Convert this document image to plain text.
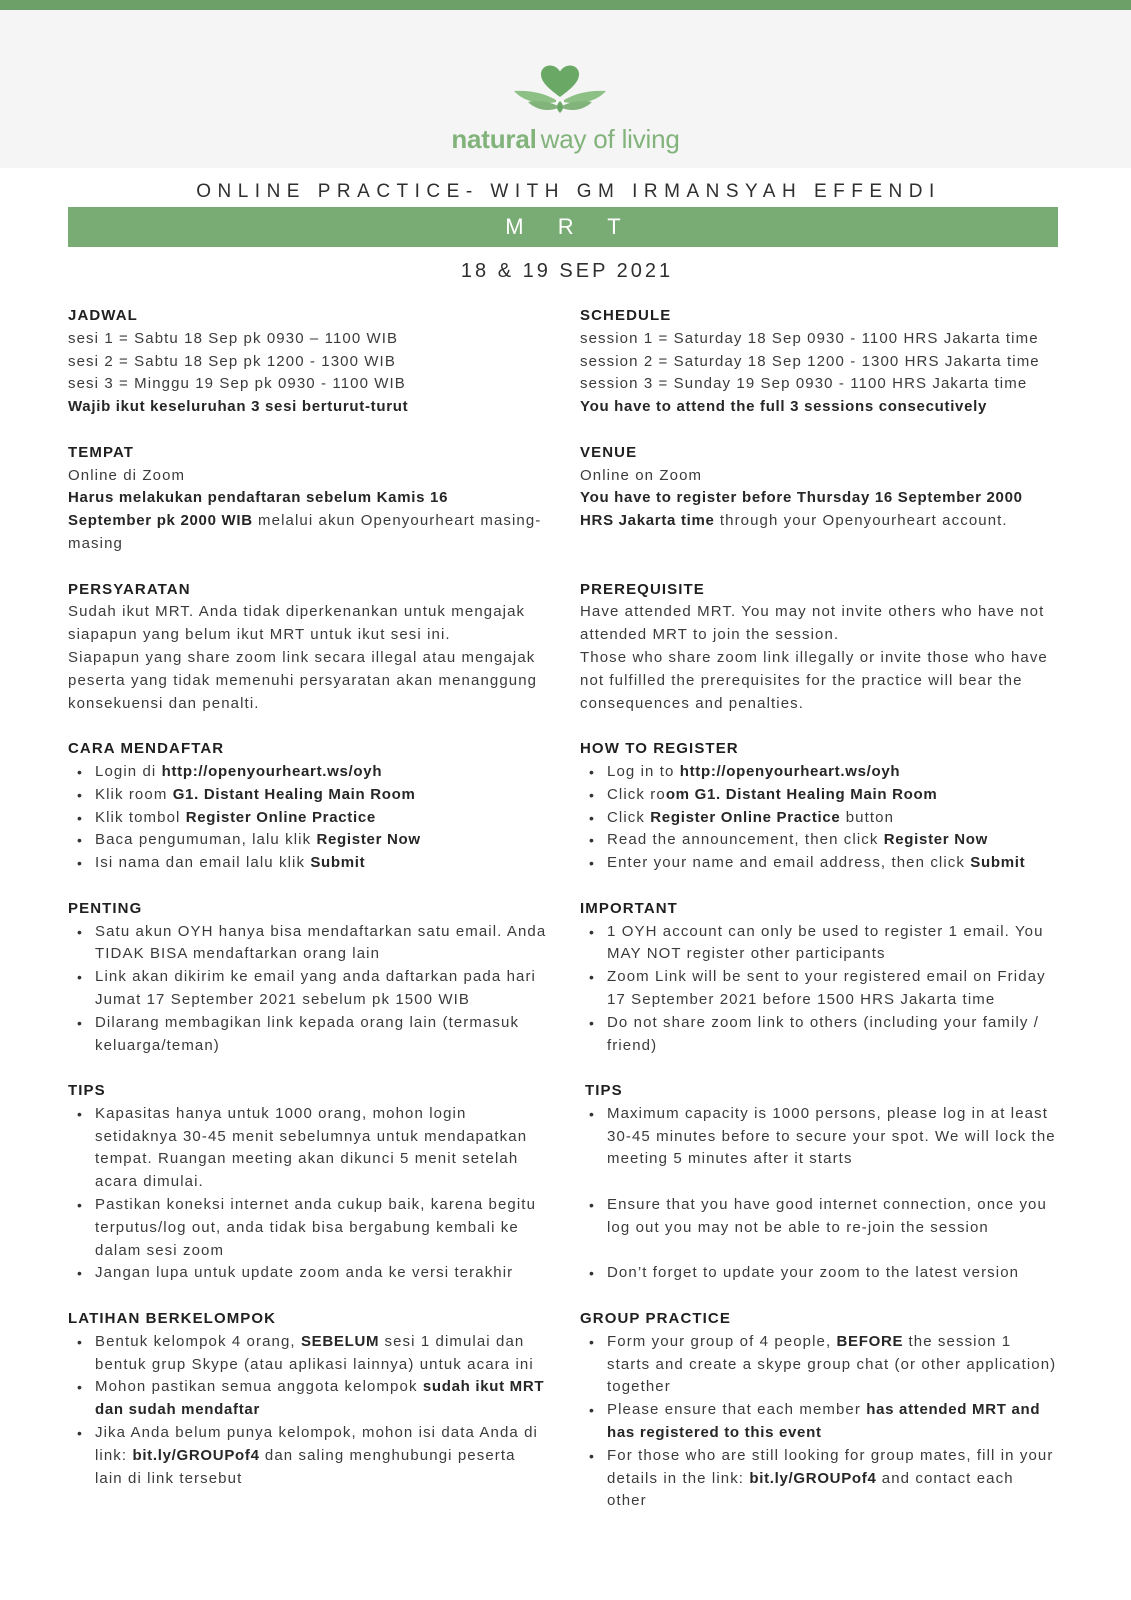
natural way of living
ONLINE PRACTICE- WITH GM IRMANSYAH EFFENDI
M R T
18 & 19 SEP 2021
JADWAL
sesi 1 = Sabtu 18 Sep pk 0930 – 1100 WIB
sesi 2 = Sabtu 18 Sep pk 1200 - 1300 WIB
sesi 3 = Minggu 19 Sep pk 0930 - 1100 WIB
Wajib ikut keseluruhan 3 sesi berturut-turut
SCHEDULE
session 1 = Saturday 18 Sep 0930 - 1100 HRS Jakarta time
session 2 = Saturday 18 Sep 1200 - 1300 HRS Jakarta time
session 3 = Sunday 19 Sep 0930 - 1100 HRS Jakarta time
You have to attend the full 3 sessions consecutively
TEMPAT
Online di Zoom
Harus melakukan pendaftaran sebelum Kamis 16
September pk 2000 WIB melalui akun Openyourheart masing-
masing
VENUE
Online on Zoom
You have to register before Thursday 16 September 2000
HRS Jakarta time through your Openyourheart account.
PERSYARATAN
Sudah ikut MRT. Anda tidak diperkenankan untuk mengajak
siapapun yang belum ikut MRT untuk ikut sesi ini.
Siapapun yang share zoom link secara illegal atau mengajak
peserta yang tidak memenuhi persyaratan akan menanggung
konsekuensi dan penalti.
PREREQUISITE
Have attended MRT. You may not invite others who have not
attended MRT to join the session.
Those who share zoom link illegally or invite those who have
not fulfilled the prerequisites for the practice will bear the
consequences and penalties.
CARA MENDAFTAR
• Login di http://openyourheart.ws/oyh
• Klik room G1. Distant Healing Main Room
• Klik tombol Register Online Practice
• Baca pengumuman, lalu klik Register Now
• Isi nama dan email lalu klik Submit
HOW TO REGISTER
• Log in to http://openyourheart.ws/oyh
• Click room G1. Distant Healing Main Room
• Click Register Online Practice button
• Read the announcement, then click Register Now
• Enter your name and email address, then click Submit
PENTING
• Satu akun OYH hanya bisa mendaftarkan satu email. Anda
TIDAK BISA mendaftarkan orang lain
• Link akan dikirim ke email yang anda daftarkan pada hari
Jumat 17 September 2021 sebelum pk 1500 WIB
• Dilarang membagikan link kepada orang lain (termasuk
keluarga/teman)
IMPORTANT
• 1 OYH account can only be used to register 1 email. You
MAY NOT register other participants
• Zoom Link will be sent to your registered email on Friday
17 September 2021 before 1500 HRS Jakarta time
• Do not share zoom link to others (including your family /
friend)
TIPS
• Kapasitas hanya untuk 1000 orang, mohon login
setidaknya 30-45 menit sebelumnya untuk mendapatkan
tempat. Ruangan meeting akan dikunci 5 menit setelah
acara dimulai.
• Pastikan koneksi internet anda cukup baik, karena begitu
terputus/log out, anda tidak bisa bergabung kembali ke
dalam sesi zoom
• Jangan lupa untuk update zoom anda ke versi terakhir
TIPS
• Maximum capacity is 1000 persons, please log in at least
30-45 minutes before to secure your spot. We will lock the
meeting 5 minutes after it starts
• Ensure that you have good internet connection, once you
log out you may not be able to re-join the session
• Don’t forget to update your zoom to the latest version
LATIHAN BERKELOMPOK
• Bentuk kelompok 4 orang, SEBELUM sesi 1 dimulai dan
bentuk grup Skype (atau aplikasi lainnya) untuk acara ini
• Mohon pastikan semua anggota kelompok sudah ikut MRT
dan sudah mendaftar
• Jika Anda belum punya kelompok, mohon isi data Anda di
link: bit.ly/GROUPof4 dan saling menghubungi peserta
lain di link tersebut
GROUP PRACTICE
• Form your group of 4 people, BEFORE the session 1
starts and create a skype group chat (or other application)
together
• Please ensure that each member has attended MRT and
has registered to this event
• For those who are still looking for group mates, fill in your
details in the link: bit.ly/GROUPof4 and contact each
other
